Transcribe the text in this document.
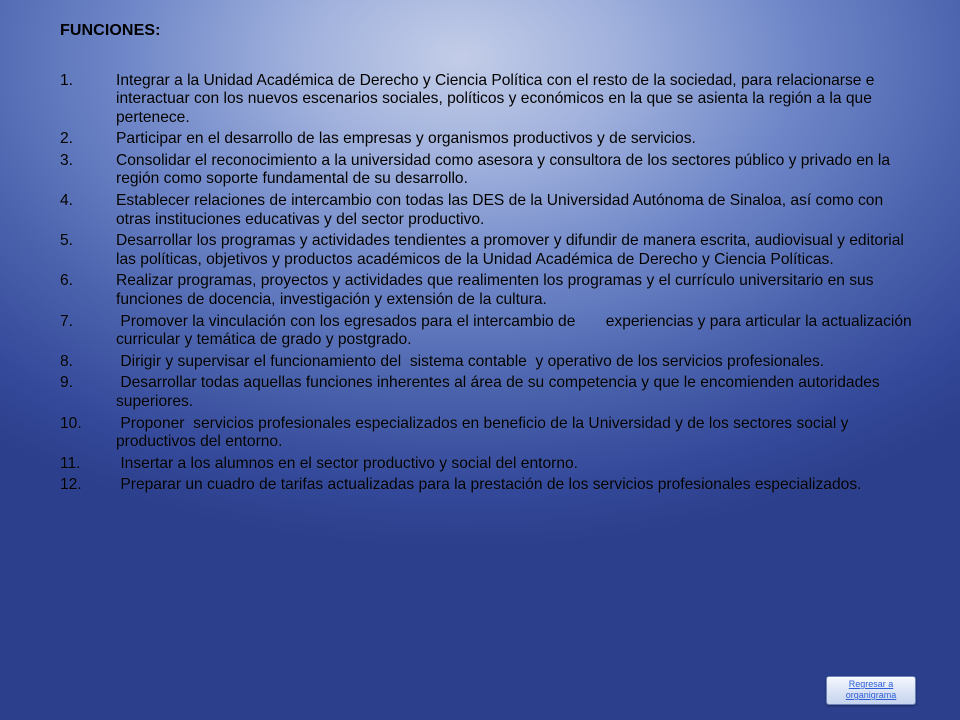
FUNCIONES:
1.	Integrar a la Unidad Académica de Derecho y Ciencia Política con el resto de la sociedad, para relacionarse e interactuar con los nuevos escenarios sociales, políticos y económicos en la que se asienta la región a la que pertenece.
2.	Participar en el desarrollo de las empresas y organismos productivos y de servicios.
3.	Consolidar el reconocimiento a la universidad como asesora y consultora de los sectores público y privado en la región como soporte fundamental de su desarrollo.
4.	Establecer relaciones de intercambio con todas las DES de la Universidad Autónoma de Sinaloa, así como con otras instituciones educativas y del sector productivo.
5.	Desarrollar los programas y actividades tendientes a promover y difundir de manera escrita, audiovisual y editorial las políticas, objetivos y productos académicos de la Unidad Académica de Derecho y Ciencia Políticas.
6.	Realizar programas, proyectos y actividades que realimenten los programas y el currículo universitario en sus funciones de docencia, investigación y extensión de la cultura.
7.	Promover la vinculación con los egresados para el intercambio de       experiencias y para articular la actualización curricular y temática de grado y postgrado.
8.	Dirigir y supervisar el funcionamiento del  sistema contable  y operativo de los servicios profesionales.
9.	Desarrollar todas aquellas funciones inherentes al área de su competencia y que le encomienden autoridades superiores.
10.	Proponer  servicios profesionales especializados en beneficio de la Universidad y de los sectores social y productivos del entorno.
11.	Insertar a los alumnos en el sector productivo y social del entorno.
12.	Preparar un cuadro de tarifas actualizadas para la prestación de los servicios profesionales especializados.
Regresar a
organigrama
